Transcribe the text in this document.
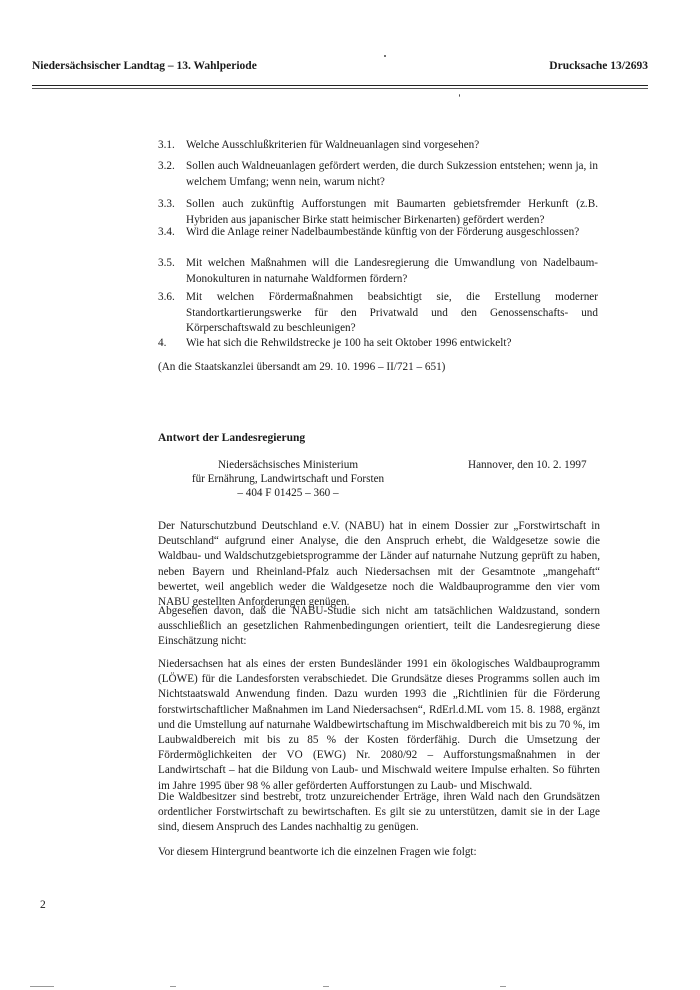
Niedersächsischer Landtag – 13. Wahlperiode	Drucksache 13/2693
3.1.	Welche Ausschlußkriterien für Waldneuanlagen sind vorgesehen?
3.2.	Sollen auch Waldneuanlagen gefördert werden, die durch Sukzession entstehen; wenn ja, in welchem Umfang; wenn nein, warum nicht?
3.3.	Sollen auch zukünftig Aufforstungen mit Baumarten gebietsfremder Herkunft (z.B. Hybriden aus japanischer Birke statt heimischer Birkenarten) gefördert werden?
3.4.	Wird die Anlage reiner Nadelbaumbestände künftig von der Förderung ausgeschlossen?
3.5.	Mit welchen Maßnahmen will die Landesregierung die Umwandlung von Nadelbaum-Monokulturen in naturnahe Waldformen fördern?
3.6.	Mit welchen Fördermaßnahmen beabsichtigt sie, die Erstellung moderner Standortkartierungswerke für den Privatwald und den Genossenschafts- und Körperschaftswald zu beschleunigen?
4.	Wie hat sich die Rehwildstrecke je 100 ha seit Oktober 1996 entwickelt?
(An die Staatskanzlei übersandt am 29. 10. 1996 – II/721 – 651)
Antwort der Landesregierung
Niedersächsisches Ministerium
für Ernährung, Landwirtschaft und Forsten
– 404 F 01425 – 360 –
Hannover, den 10. 2. 1997
Der Naturschutzbund Deutschland e.V. (NABU) hat in einem Dossier zur „Forstwirtschaft in Deutschland“ aufgrund einer Analyse, die den Anspruch erhebt, die Waldgesetze sowie die Waldbau- und Waldschutzgebietsprogramme der Länder auf naturnahe Nutzung geprüft zu haben, neben Bayern und Rheinland-Pfalz auch Niedersachsen mit der Gesamtnote „mangehaft“ bewertet, weil angeblich weder die Waldgesetze noch die Waldbauprogramme den vier vom NABU gestellten Anforderungen genügen.
Abgesehen davon, daß die NABU-Studie sich nicht am tatsächlichen Waldzustand, sondern ausschließlich an gesetzlichen Rahmenbedingungen orientiert, teilt die Landesregierung diese Einschätzung nicht:
Niedersachsen hat als eines der ersten Bundesländer 1991 ein ökologisches Waldbauprogramm (LÖWE) für die Landesforsten verabschiedet. Die Grundsätze dieses Programms sollen auch im Nichtstaatswald Anwendung finden. Dazu wurden 1993 die „Richtlinien für die Förderung forstwirtschaftlicher Maßnahmen im Land Niedersachsen“, RdErl.d.ML vom 15. 8. 1988, ergänzt und die Umstellung auf naturnahe Waldbewirtschaftung im Mischwaldbereich mit bis zu 70 %, im Laubwaldbereich mit bis zu 85 % der Kosten förderfähig. Durch die Umsetzung der Fördermöglichkeiten der VO (EWG) Nr. 2080/92 – Aufforstungsmaßnahmen in der Landwirtschaft – hat die Bildung von Laub- und Mischwald weitere Impulse erhalten. So führten im Jahre 1995 über 98 % aller geförderten Aufforstungen zu Laub- und Mischwald.
Die Waldbesitzer sind bestrebt, trotz unzureichender Erträge, ihren Wald nach den Grundsätzen ordentlicher Forstwirtschaft zu bewirtschaften. Es gilt sie zu unterstützen, damit sie in der Lage sind, diesem Anspruch des Landes nachhaltig zu genügen.
Vor diesem Hintergrund beantworte ich die einzelnen Fragen wie folgt:
2
